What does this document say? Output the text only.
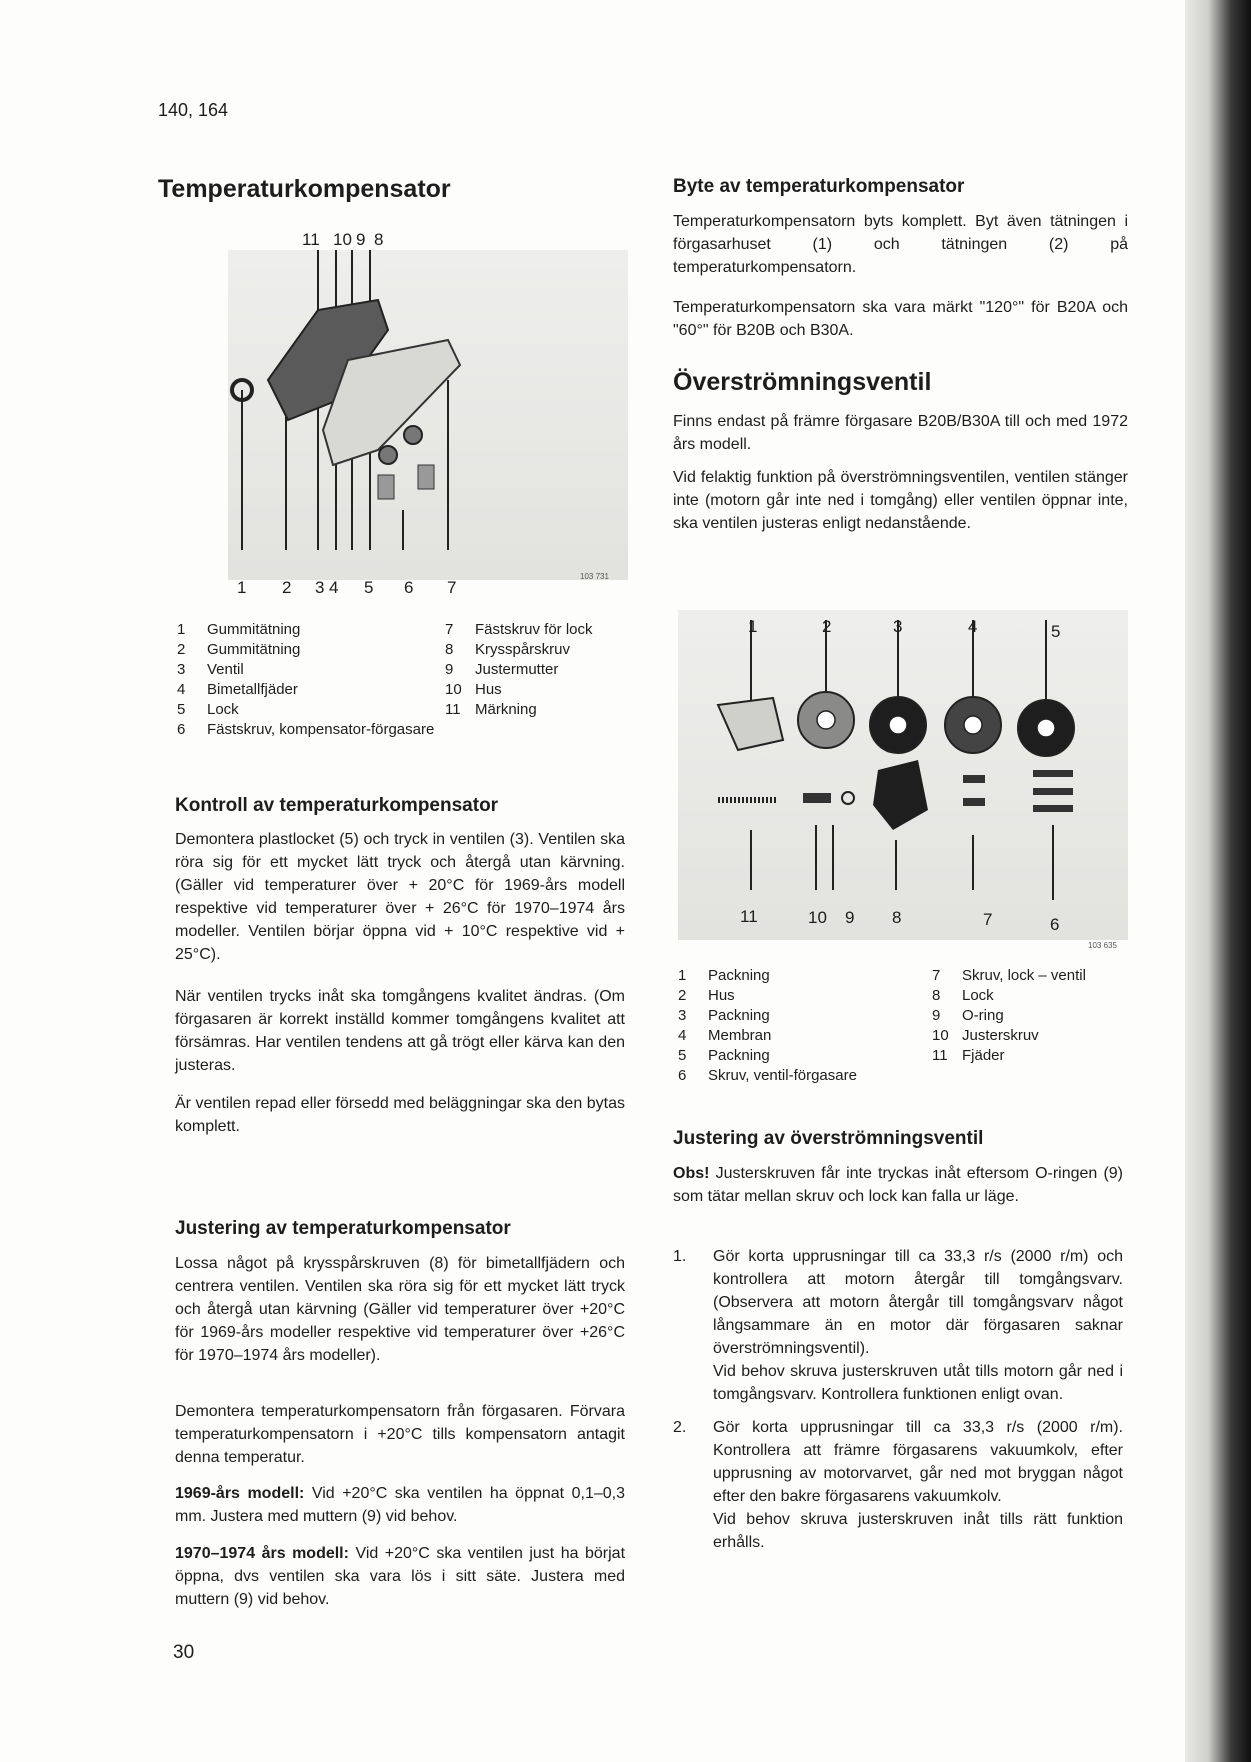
140, 164
Temperaturkompensator
11 10 9 8
1 2 3 4 5 6 7
103 731
1	Gummitätning
2	Gummitätning
3	Ventil
4	Bimetallfjäder
5	Lock
6	Fästskruv, kompensator-förgasare
7	Fästskruv för lock
8	Krysspårskruv
9	Justermutter
10 Hus
11 Märkning
Kontroll av temperaturkompensator
Demontera plastlocket (5) och tryck in ventilen (3). Ventilen ska röra sig för ett mycket lätt tryck och återgå utan kärvning. (Gäller vid temperaturer över + 20°C för 1969-års modell respektive vid temperaturer över + 26°C för 1970–1974 års modeller. Ventilen börjar öppna vid + 10°C respektive vid + 25°C).
När ventilen trycks inåt ska tomgångens kvalitet ändras. (Om förgasaren är korrekt inställd kommer tomgångens kvalitet att försämras. Har ventilen tendens att gå trögt eller kärva kan den justeras.
Är ventilen repad eller försedd med beläggningar ska den bytas komplett.
Justering av temperaturkompensator
Lossa något på krysspårskruven (8) för bimetallfjädern och centrera ventilen. Ventilen ska röra sig för ett mycket lätt tryck och återgå utan kärvning (Gäller vid temperaturer över +20°C för 1969-års modeller respektive vid temperaturer över +26°C för 1970–1974 års modeller).
Demontera temperaturkompensatorn från förgasaren. Förvara temperaturkompensatorn i +20°C tills kompensatorn antagit denna temperatur.
1969-års modell: Vid +20°C ska ventilen ha öppnat 0,1–0,3 mm. Justera med muttern (9) vid behov.
1970–1974 års modell: Vid +20°C ska ventilen just ha börjat öppna, dvs ventilen ska vara lös i sitt säte. Justera med muttern (9) vid behov.
30
Byte av temperaturkompensator
Temperaturkompensatorn byts komplett. Byt även tätningen i förgasarhuset (1) och tätningen (2) på temperaturkompensatorn.
Temperaturkompensatorn ska vara märkt "120°" för B20A och "60°" för B20B och B30A.
Överströmningsventil
Finns endast på främre förgasare B20B/B30A till och med 1972 års modell.
Vid felaktig funktion på överströmningsventilen, ventilen stänger inte (motorn går inte ned i tomgång) eller ventilen öppnar inte, ska ventilen justeras enligt nedanstående.
1	2	3	4	5
11	10 9 8	7	6
103 635
1	Packning
2	Hus
3	Packning
4	Membran
5	Packning
6	Skruv, ventil-förgasare
7	Skruv, lock – ventil
8	Lock
9	O-ring
10 Justerskruv
11 Fjäder
Justering av överströmningsventil
Obs! Justerskruven får inte tryckas inåt eftersom O-ringen (9) som tätar mellan skruv och lock kan falla ur läge.
1.	Gör korta upprusningar till ca 33,3 r/s (2000 r/m) och kontrollera att motorn återgår till tomgångsvarv. (Observera att motorn återgår till tomgångsvarv något långsammare än en motor där förgasaren saknar överströmningsventil).
Vid behov skruva justerskruven utåt tills motorn går ned i tomgångsvarv. Kontrollera funktionen enligt ovan.
2.	Gör korta upprusningar till ca 33,3 r/s (2000 r/m). Kontrollera att främre förgasarens vakuumkolv, efter upprusning av motorvarvet, går ned mot bryggan något efter den bakre förgasarens vakuumkolv.
Vid behov skruva justerskruven inåt tills rätt funktion erhålls.
